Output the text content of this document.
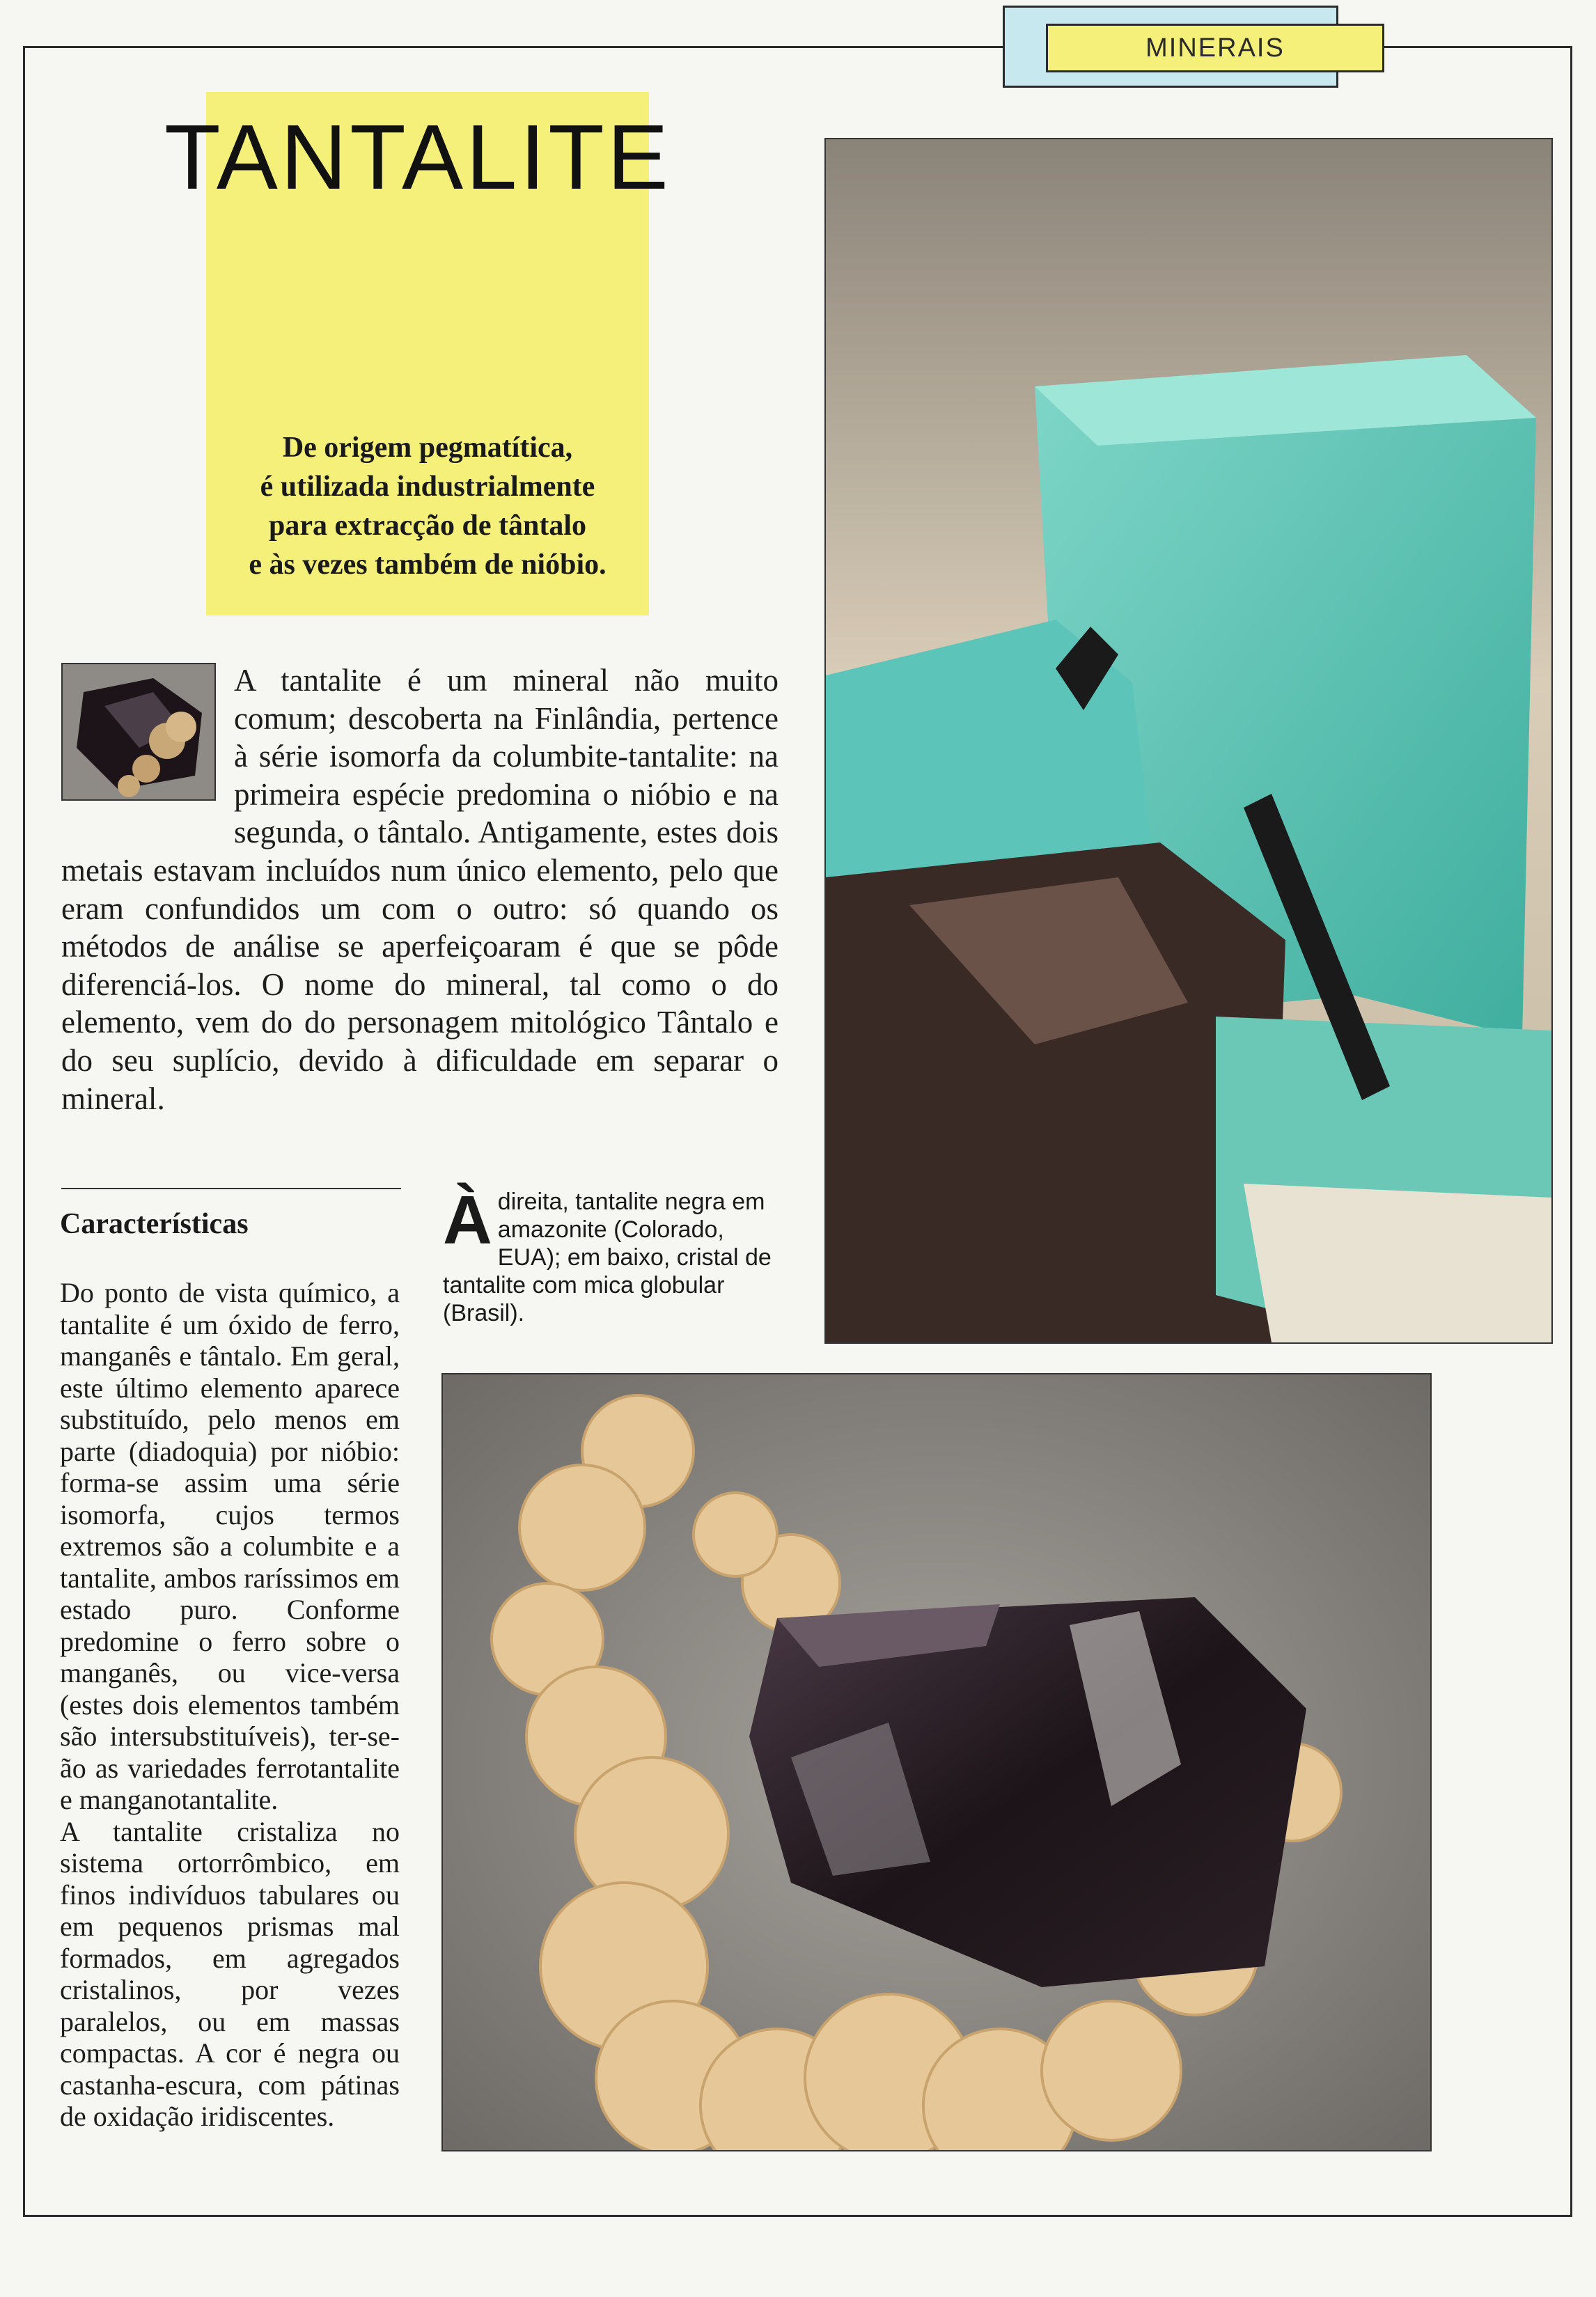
MINERAIS
TANTALITE
De origem pegmatítica,
é utilizada industrialmente
para extracção de tântalo
e às vezes também de nióbio.
A tantalite é um mineral não muito comum; descoberta na Finlândia, pertence à série isomorfa da columbite-tantalite: na primeira espécie predomina o nióbio e na segunda, o tântalo. Antigamente, estes dois metais estavam incluídos num único elemento, pelo que eram confundidos um com o outro: só quando os métodos de análise se aperfeiçoaram é que se pôde diferenciá-los. O nome do mineral, tal como o do elemento, vem do do personagem mitológico Tântalo e do seu suplício, devido à dificuldade em separar o mineral.
Características
Do ponto de vista químico, a tantalite é um óxido de ferro, manganês e tântalo. Em geral, este último elemento aparece substituído, pelo menos em parte (diadoquia) por nióbio: forma-se assim uma série isomorfa, cujos termos extremos são a columbite e a tantalite, ambos raríssimos em estado puro. Conforme predomine o ferro sobre o manganês, ou vice-versa (estes dois elementos também são intersubstituíveis), ter-se-ão as variedades ferrotantalite e manganotantalite.
A tantalite cristaliza no sistema ortorrômbico, em finos indivíduos tabulares ou em pequenos prismas mal formados, em agregados cristalinos, por vezes paralelos, ou em massas compactas. A cor é negra ou castanha-escura, com pátinas de oxidação iridiscentes.
À direita, tantalite negra em amazonite (Colorado, EUA); em baixo, cristal de tantalite com mica globular (Brasil).
